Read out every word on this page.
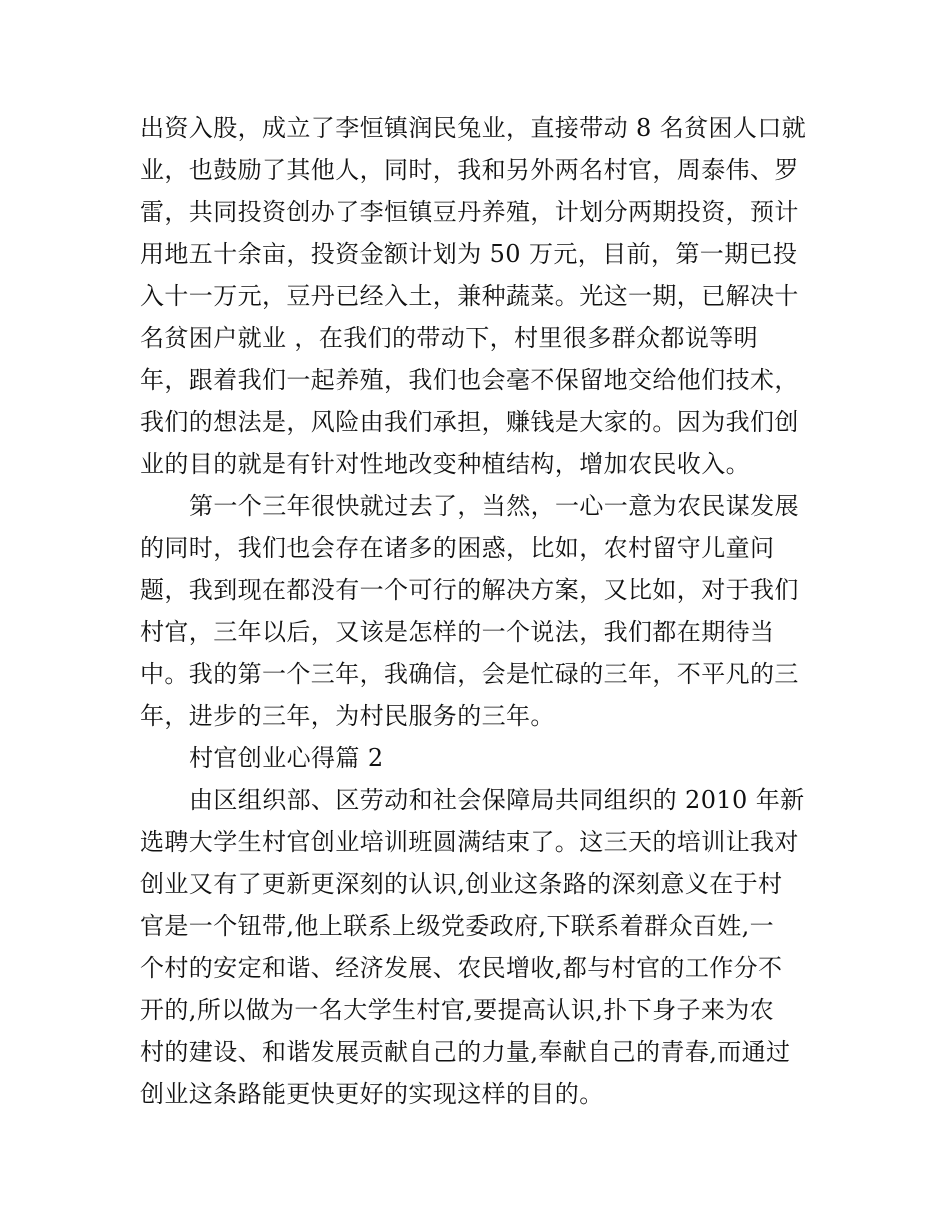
出资入股，成立了李恒镇润民兔业，直接带动 8 名贫困人口就
业，也鼓励了其他人，同时，我和另外两名村官，周泰伟、罗
雷，共同投资创办了李恒镇豆丹养殖，计划分两期投资，预计
用地五十余亩，投资金额计划为 50 万元，目前，第一期已投
入十一万元，豆丹已经入土，兼种蔬菜。光这一期，已解决十
名贫困户就业 ，在我们的带动下，村里很多群众都说等明
年，跟着我们一起养殖，我们也会毫不保留地交给他们技术，
我们的想法是，风险由我们承担，赚钱是大家的。因为我们创
业的目的就是有针对性地改变种植结构，增加农民收入。
第一个三年很快就过去了，当然，一心一意为农民谋发展
的同时，我们也会存在诸多的困惑，比如，农村留守儿童问
题，我到现在都没有一个可行的解决方案，又比如，对于我们
村官，三年以后，又该是怎样的一个说法，我们都在期待当
中。我的第一个三年，我确信，会是忙碌的三年，不平凡的三
年，进步的三年，为村民服务的三年。
村官创业心得篇 2
由区组织部、区劳动和社会保障局共同组织的 2010 年新
选聘大学生村官创业培训班圆满结束了。这三天的培训让我对
创业又有了更新更深刻的认识,创业这条路的深刻意义在于村
官是一个钮带,他上联系上级党委政府,下联系着群众百姓,一
个村的安定和谐、经济发展、农民增收,都与村官的工作分不
开的,所以做为一名大学生村官,要提高认识,扑下身子来为农
村的建设、和谐发展贡献自己的力量,奉献自己的青春,而通过
创业这条路能更快更好的实现这样的目的。
